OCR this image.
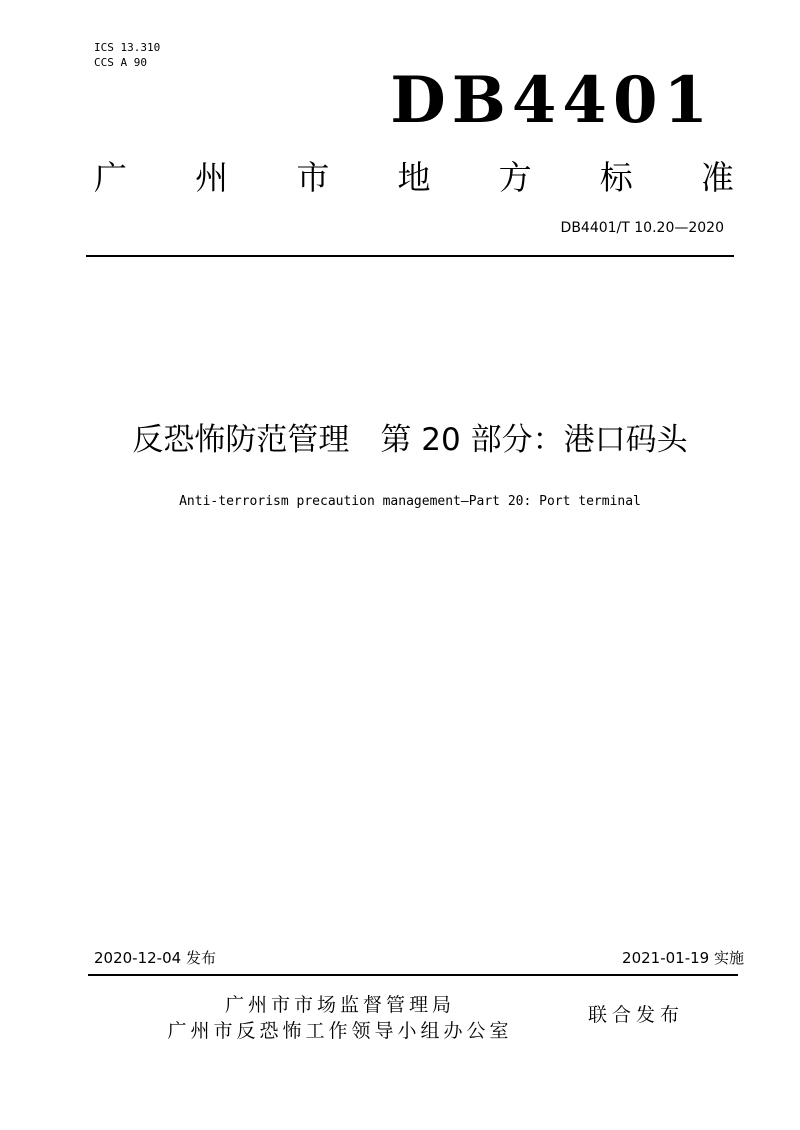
ICS 13.310
CCS A 90
DB4401
广 州 市 地 方 标 准
DB4401/T 10.20—2020
反恐怖防范管理　第 20 部分：港口码头
Anti-terrorism precaution management—Part 20: Port terminal
2020-12-04 发布	2021-01-19 实施
广州市市场监督管理局
广州市反恐怖工作领导小组办公室
联合发布
